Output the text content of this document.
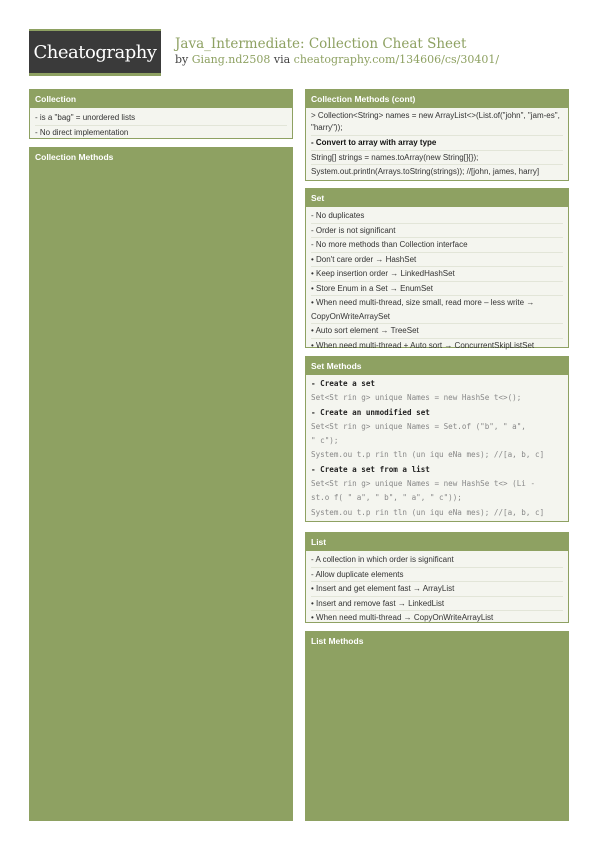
Cheatography Java_Intermediate: Collection Cheat Sheet
by Giang.nd2508 via cheatography.com/134606/cs/30401/
Collection
- is a "bag" = unordered lists
- No direct implementation
Collection Methods
Collection Methods (cont)
> Collection<String> names = new ArrayList<>(List.of("john", "jam-es", "harry"));
- Convert to array with array type
String[] strings = names.toArray(new String[]{});
System.out.println(Arrays.toString(strings)); //[john, james, harry]
Set
- No duplicates
- Order is not significant
- No more methods than Collection interface
• Don't care order → HashSet
• Keep insertion order → LinkedHashSet
• Store Enum in a Set → EnumSet
• When need multi-thread, size small, read more – less write →
CopyOnWriteArraySet
• Auto sort element → TreeSet
• When need multi-thread + Auto sort → ConcurrentSkipListSet
Set Methods
- Create a set
Set<St rin g> unique Names = new HashSe t<>();
- Create an unmodified set
Set<St rin g> unique Names = Set.of ("b", " a",
" c");
System.ou t.p rin tln (un iqu eNa mes); //[a, b, c]
- Create a set from a list
Set<St rin g> unique Names = new HashSe t<> (Li -
st.o f( " a", " b", " a", " c"));
System.ou t.p rin tln (un iqu eNa mes); //[a, b, c]
List
- A collection in which order is significant
- Allow duplicate elements
• Insert and get element fast → ArrayList
• Insert and remove fast → LinkedList
• When need multi-thread → CopyOnWriteArrayList
List Methods
